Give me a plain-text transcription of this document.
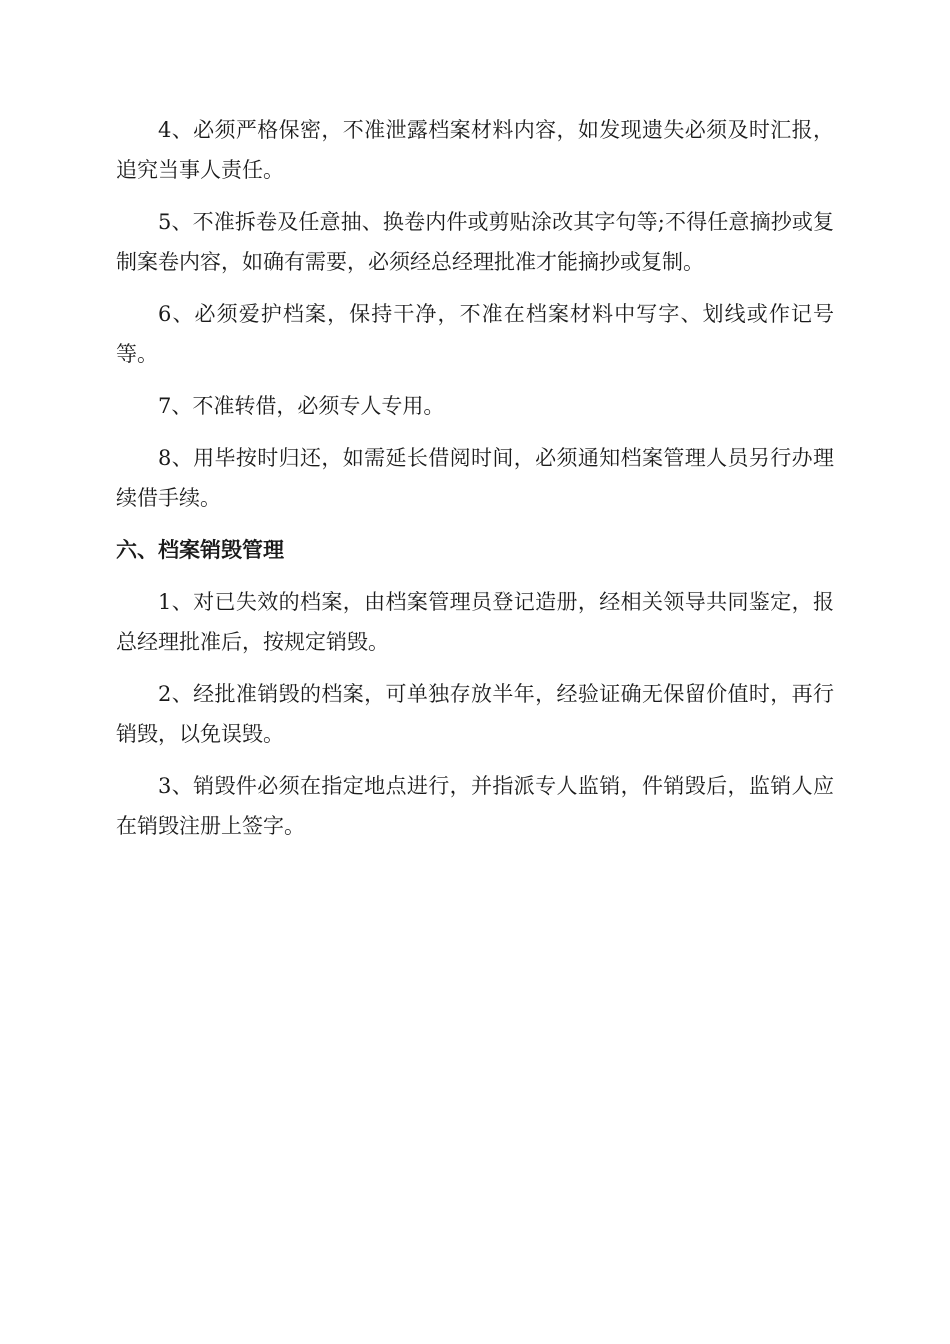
4、必须严格保密，不准泄露档案材料内容，如发现遗失必须及时汇报，追究当事人责任。

5、不准拆卷及任意抽、换卷内件或剪贴涂改其字句等;不得任意摘抄或复制案卷内容，如确有需要，必须经总经理批准才能摘抄或复制。

6、必须爱护档案，保持干净，不准在档案材料中写字、划线或作记号等。

7、不准转借，必须专人专用。

8、用毕按时归还，如需延长借阅时间，必须通知档案管理人员另行办理续借手续。

六、档案销毁管理

1、对已失效的档案，由档案管理员登记造册，经相关领导共同鉴定，报总经理批准后，按规定销毁。

2、经批准销毁的档案，可单独存放半年，经验证确无保留价值时，再行销毁，以免误毁。

3、销毁件必须在指定地点进行，并指派专人监销，件销毁后，监销人应在销毁注册上签字。
